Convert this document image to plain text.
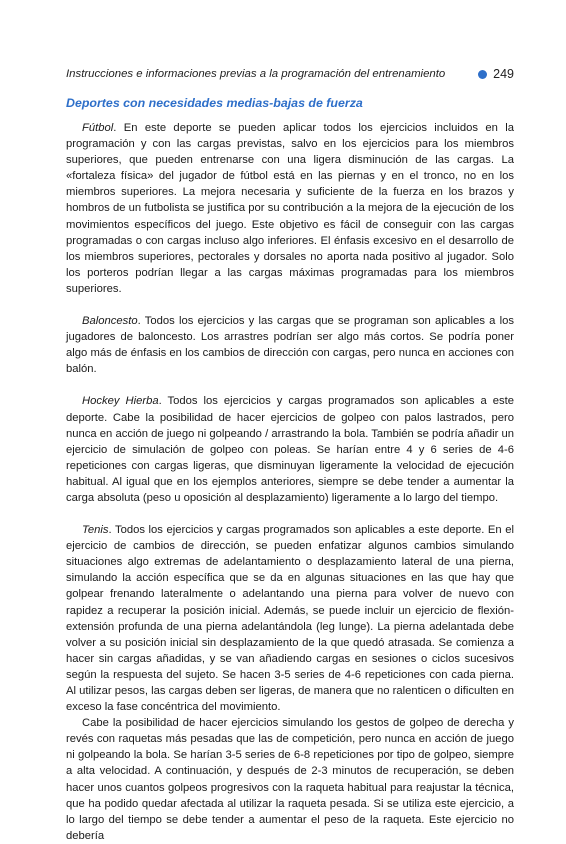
Instrucciones e informaciones previas a la programación del entrenamiento	249
Deportes con necesidades medias-bajas de fuerza

Fútbol. En este deporte se pueden aplicar todos los ejercicios incluidos en la programación y con las cargas previstas, salvo en los ejercicios para los miembros superiores, que pueden entrenarse con una ligera disminución de las cargas. La «fortaleza física» del jugador de fútbol está en las piernas y en el tronco, no en los miembros superiores. La mejora necesaria y suficiente de la fuerza en los brazos y hombros de un futbolista se justifica por su contribución a la mejora de la ejecución de los movimientos específicos del juego. Este objetivo es fácil de conseguir con las cargas programadas o con cargas incluso algo inferiores. El énfasis excesivo en el desarrollo de los miembros superiores, pectorales y dorsales no aporta nada positivo al jugador. Solo los porteros podrían llegar a las cargas máximas programadas para los miembros superiores.

Baloncesto. Todos los ejercicios y las cargas que se programan son aplicables a los jugadores de baloncesto. Los arrastres podrían ser algo más cortos. Se podría poner algo más de énfasis en los cambios de dirección con cargas, pero nunca en acciones con balón.

Hockey Hierba. Todos los ejercicios y cargas programados son aplicables a este deporte. Cabe la posibilidad de hacer ejercicios de golpeo con palos lastrados, pero nunca en acción de juego ni golpeando / arrastrando la bola. También se podría añadir un ejercicio de simulación de golpeo con poleas. Se harían entre 4 y 6 series de 4-6 repeticiones con cargas ligeras, que disminuyan ligeramente la velocidad de ejecución habitual. Al igual que en los ejemplos anteriores, siempre se debe tender a aumentar la carga absoluta (peso u oposición al desplazamiento) ligeramente a lo largo del tiempo.

Tenis. Todos los ejercicios y cargas programados son aplicables a este deporte. En el ejercicio de cambios de dirección, se pueden enfatizar algunos cambios simulando situaciones algo extremas de adelantamiento o desplazamiento lateral de una pierna, simulando la acción específica que se da en algunas situaciones en las que hay que golpear frenando lateralmente o adelantando una pierna para volver de nuevo con rapidez a recuperar la posición inicial. Además, se puede incluir un ejercicio de flexión-extensión profunda de una pierna adelantándola (leg lunge). La pierna adelantada debe volver a su posición inicial sin desplazamiento de la que quedó atrasada. Se comienza a hacer sin cargas añadidas, y se van añadiendo cargas en sesiones o ciclos sucesivos según la respuesta del sujeto. Se hacen 3-5 series de 4-6 repeticiones con cada pierna. Al utilizar pesos, las cargas deben ser ligeras, de manera que no ralenticen o dificulten en exceso la fase concéntrica del movimiento.

Cabe la posibilidad de hacer ejercicios simulando los gestos de golpeo de derecha y revés con raquetas más pesadas que las de competición, pero nunca en acción de juego ni golpeando la bola. Se harían 3-5 series de 6-8 repeticiones por tipo de golpeo, siempre a alta velocidad. A continuación, y después de 2-3 minutos de recuperación, se deben hacer unos cuantos golpeos progresivos con la raqueta habitual para reajustar la técnica, que ha podido quedar afectada al utilizar la raqueta pesada. Si se utiliza este ejercicio, a lo largo del tiempo se debe tender a aumentar el peso de la raqueta. Este ejercicio no debería
